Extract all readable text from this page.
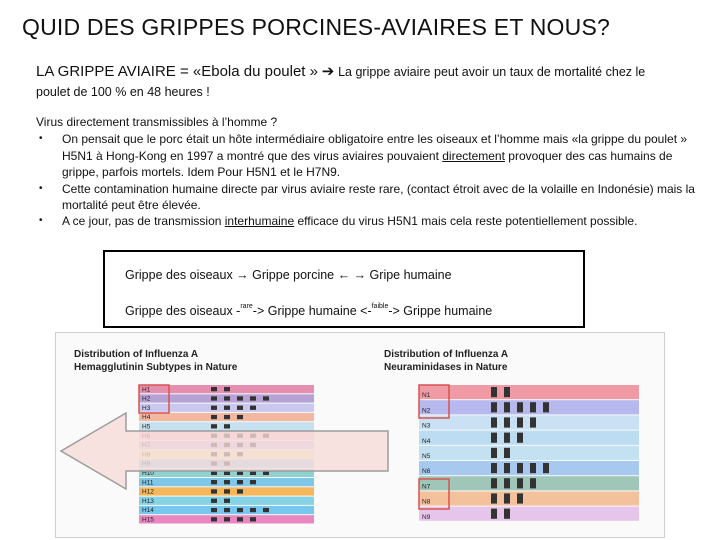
QUID DES GRIPPES PORCINES-AVIAIRES ET NOUS?
LA GRIPPE AVIAIRE = «Ebola du poulet » ➔ La grippe aviaire peut avoir un taux de mortalité chez le
poulet de 100 % en 48 heures !

Virus directement transmissibles à l’homme ?

• On pensait que le porc était un hôte intermédiaire obligatoire entre les oiseaux et l’homme mais «la grippe du poulet » H5N1 à Hong-Kong en 1997 a montré que des virus aviaires pouvaient directement provoquer des cas humains de grippe, parfois mortels. Idem Pour H5N1 et le H7N9.
• Cette contamination humaine directe par virus aviaire reste rare, (contact étroit avec de la volaille en Indonésie) mais la mortalité peut être élevée.
• A ce jour, pas de transmission interhumaine efficace du virus H5N1 mais cela reste potentiellement possible.
Grippe des oiseaux → Grippe porcine ← → Gripe humaine
Grippe des oiseaux -$^{rare}$-> Grippe humaine <-$^{faible}$-> Grippe humaine
Distribution of Influenza A
Hemagglutinin Subtypes in Nature
Distribution of Influenza A
Neuraminidases in Nature
H1
H2
H3
H4
H5
H10
H11
H12
H13
H14
H15
N1
N2
N3
N4
N5
N6
N7
N8
N9
